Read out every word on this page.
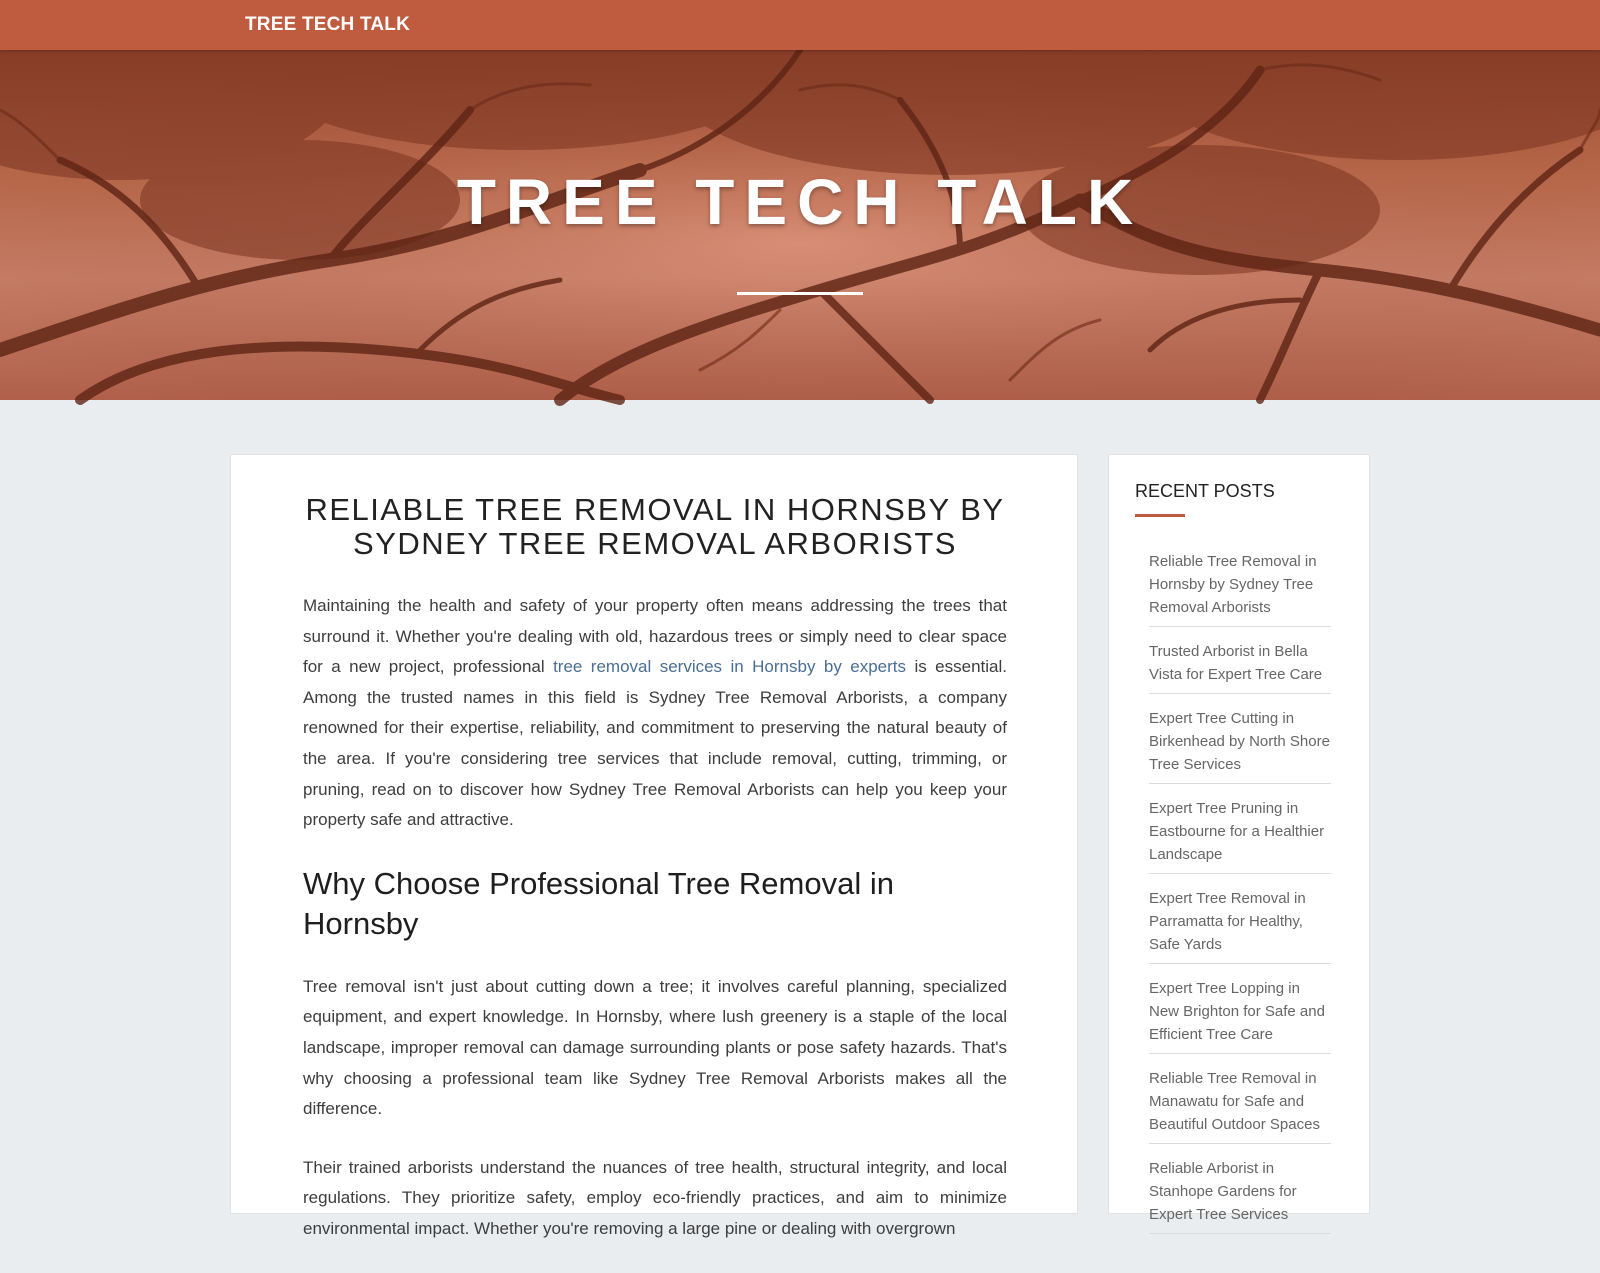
TREE TECH TALK
TREE TECH TALK
RELIABLE TREE REMOVAL IN HORNSBY BY SYDNEY TREE REMOVAL ARBORISTS

Maintaining the health and safety of your property often means addressing the trees that surround it. Whether you're dealing with old, hazardous trees or simply need to clear space for a new project, professional tree removal services in Hornsby by experts is essential. Among the trusted names in this field is Sydney Tree Removal Arborists, a company renowned for their expertise, reliability, and commitment to preserving the natural beauty of the area. If you're considering tree services that include removal, cutting, trimming, or pruning, read on to discover how Sydney Tree Removal Arborists can help you keep your property safe and attractive.

Why Choose Professional Tree Removal in Hornsby

Tree removal isn't just about cutting down a tree; it involves careful planning, specialized equipment, and expert knowledge. In Hornsby, where lush greenery is a staple of the local landscape, improper removal can damage surrounding plants or pose safety hazards. That's why choosing a professional team like Sydney Tree Removal Arborists makes all the difference.

Their trained arborists understand the nuances of tree health, structural integrity, and local regulations. They prioritize safety, employ eco-friendly practices, and aim to minimize environmental impact. Whether you're removing a large pine or dealing with overgrown

RECENT POSTS
Reliable Tree Removal in Hornsby by Sydney Tree Removal Arborists
Trusted Arborist in Bella Vista for Expert Tree Care
Expert Tree Cutting in Birkenhead by North Shore Tree Services
Expert Tree Pruning in Eastbourne for a Healthier Landscape
Expert Tree Removal in Parramatta for Healthy, Safe Yards
Expert Tree Lopping in New Brighton for Safe and Efficient Tree Care
Reliable Tree Removal in Manawatu for Safe and Beautiful Outdoor Spaces
Reliable Arborist in Stanhope Gardens for Expert Tree Services
